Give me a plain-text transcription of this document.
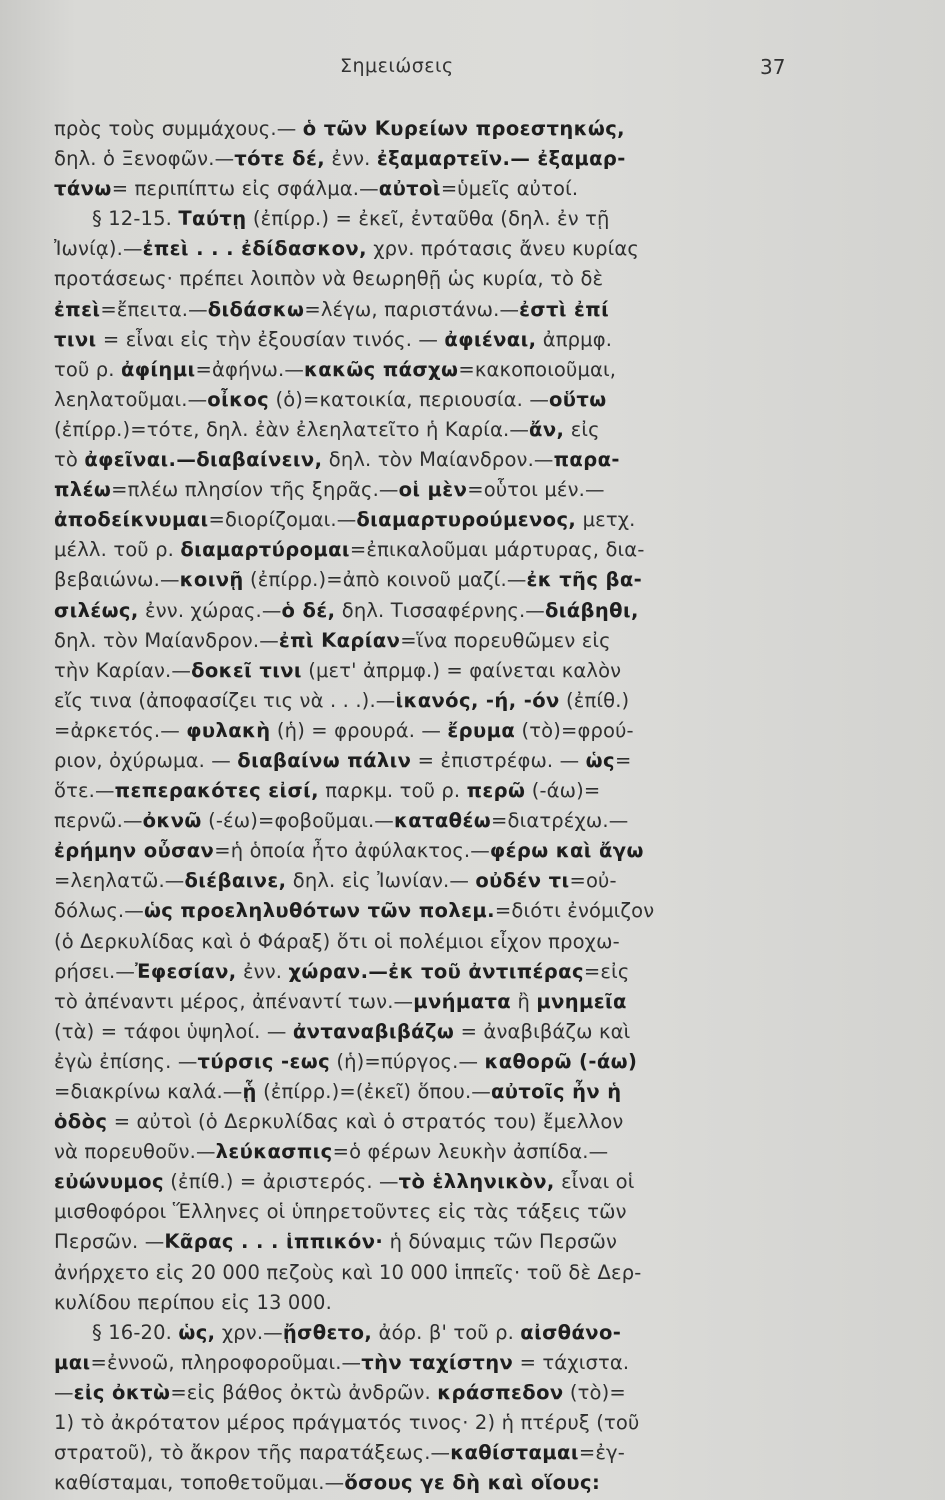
Σημειώσεις	37
πρὸς τοὺς συμμάχους.— ὁ τῶν Κυρείων προεστηκώς,
δηλ. ὁ Ξενοφῶν.—τότε δέ, ἐνν. ἐξαμαρτεῖν.— ἐξαμαρ-
τάνω= περιπίπτω εἰς σφάλμα.—αὐτοὶ=ὑμεῖς αὐτοί.
§ 12-15. Ταύτῃ (ἐπίρρ.) = ἐκεῖ, ἐνταῦθα (δηλ. ἐν τῇ
Ἰωνίᾳ).—ἐπεὶ . . . ἐδίδασκον, χρν. πρότασις ἄνευ κυρίας
προτάσεως· πρέπει λοιπὸν νὰ θεωρηθῇ ὡς κυρία, τὸ δὲ
ἐπεὶ=ἔπειτα.—διδάσκω=λέγω, παριστάνω.—ἐστὶ ἐπί
τινι = εἶναι εἰς τὴν ἐξουσίαν τινός. — ἀφιέναι, ἀπρμφ.
τοῦ ρ. ἀφίημι=ἀφήνω.—κακῶς πάσχω=κακοποιοῦμαι,
λεηλατοῦμαι.—οἶκος (ὁ)=κατοικία, περιουσία. —οὕτω
(ἐπίρρ.)=τότε, δηλ. ἐὰν ἐλεηλατεῖτο ἡ Καρία.—ἄν, εἰς
τὸ ἀφεῖναι.—διαβαίνειν, δηλ. τὸν Μαίανδρον.—παρα-
πλέω=πλέω πλησίον τῆς ξηρᾶς.—οἱ μὲν=οὗτοι μέν.—
ἀποδείκνυμαι=διορίζομαι.—διαμαρτυρούμενος, μετχ.
μέλλ. τοῦ ρ. διαμαρτύρομαι=ἐπικαλοῦμαι μάρτυρας, δια-
βεβαιώνω.—κοινῇ (ἐπίρρ.)=ἀπὸ κοινοῦ μαζί.—ἐκ τῆς βα-
σιλέως, ἐνν. χώρας.—ὁ δέ, δηλ. Τισσαφέρνης.—διάβηθι,
δηλ. τὸν Μαίανδρον.—ἐπὶ Καρίαν=ἵνα πορευθῶμεν εἰς
τὴν Καρίαν.—δοκεῖ τινι (μετ' ἀπρμφ.) = φαίνεται καλὸν
εἴς τινα (ἀποφασίζει τις νὰ . . .).—ἱκανός, -ή, -όν (ἐπίθ.)
=ἀρκετός.— φυλακὴ (ἡ) = φρουρά. — ἔρυμα (τὸ)=φρού-
ριον, ὀχύρωμα. — διαβαίνω πάλιν = ἐπιστρέφω. — ὡς=
ὅτε.—πεπερακότες εἰσί, παρκμ. τοῦ ρ. περῶ (-άω)=
περνῶ.—ὀκνῶ (-έω)=φοβοῦμαι.—καταθέω=διατρέχω.—
ἐρήμην οὖσαν=ἡ ὁποία ἦτο ἀφύλακτος.—φέρω καὶ ἄγω
=λεηλατῶ.—διέβαινε, δηλ. εἰς Ἰωνίαν.— οὐδέν τι=οὐ-
δόλως.—ὡς προεληλυθότων τῶν πολεμ.=διότι ἐνόμιζον
(ὁ Δερκυλίδας καὶ ὁ Φάραξ) ὅτι οἱ πολέμιοι εἶχον προχω-
ρήσει.—Ἐφεσίαν, ἐνν. χώραν.—ἐκ τοῦ ἀντιπέρας=εἰς
τὸ ἀπέναντι μέρος, ἀπέναντί των.—μνήματα ἢ μνημεῖα
(τὰ) = τάφοι ὑψηλοί. — ἀνταναβιβάζω = ἀναβιβάζω καὶ
ἐγὼ ἐπίσης. —τύρσις -εως (ἡ)=πύργος.— καθορῶ (-άω)
=διακρίνω καλά.—ᾗ (ἐπίρρ.)=(ἐκεῖ) ὅπου.—αὐτοῖς ἦν ἡ
ὁδὸς = αὐτοὶ (ὁ Δερκυλίδας καὶ ὁ στρατός του) ἔμελλον
νὰ πορευθοῦν.—λεύκασπις=ὁ φέρων λευκὴν ἀσπίδα.—
εὐώνυμος (ἐπίθ.) = ἀριστερός. —τὸ ἑλληνικὸν, εἶναι οἱ
μισθοφόροι Ἕλληνες οἱ ὑπηρετοῦντες εἰς τὰς τάξεις τῶν
Περσῶν. —Κᾶρας . . . ἱππικόν· ἡ δύναμις τῶν Περσῶν
ἀνήρχετο εἰς 20 000 πεζοὺς καὶ 10 000 ἱππεῖς· τοῦ δὲ Δερ-
κυλίδου περίπου εἰς 13 000.
§ 16-20. ὡς, χρν.—ᾔσθετο, ἀόρ. β' τοῦ ρ. αἰσθάνο-
μαι=ἐννοῶ, πληροφοροῦμαι.—τὴν ταχίστην = τάχιστα.
—εἰς ὀκτὼ=εἰς βάθος ὀκτὼ ἀνδρῶν. κράσπεδον (τὸ)=
1) τὸ ἀκρότατον μέρος πράγματός τινος· 2) ἡ πτέρυξ (τοῦ
στρατοῦ), τὸ ἄκρον τῆς παρατάξεως.—καθίσταμαι=ἐγ-
καθίσταμαι, τοποθετοῦμαι.—ὅσους γε δὴ καὶ οἵους:
